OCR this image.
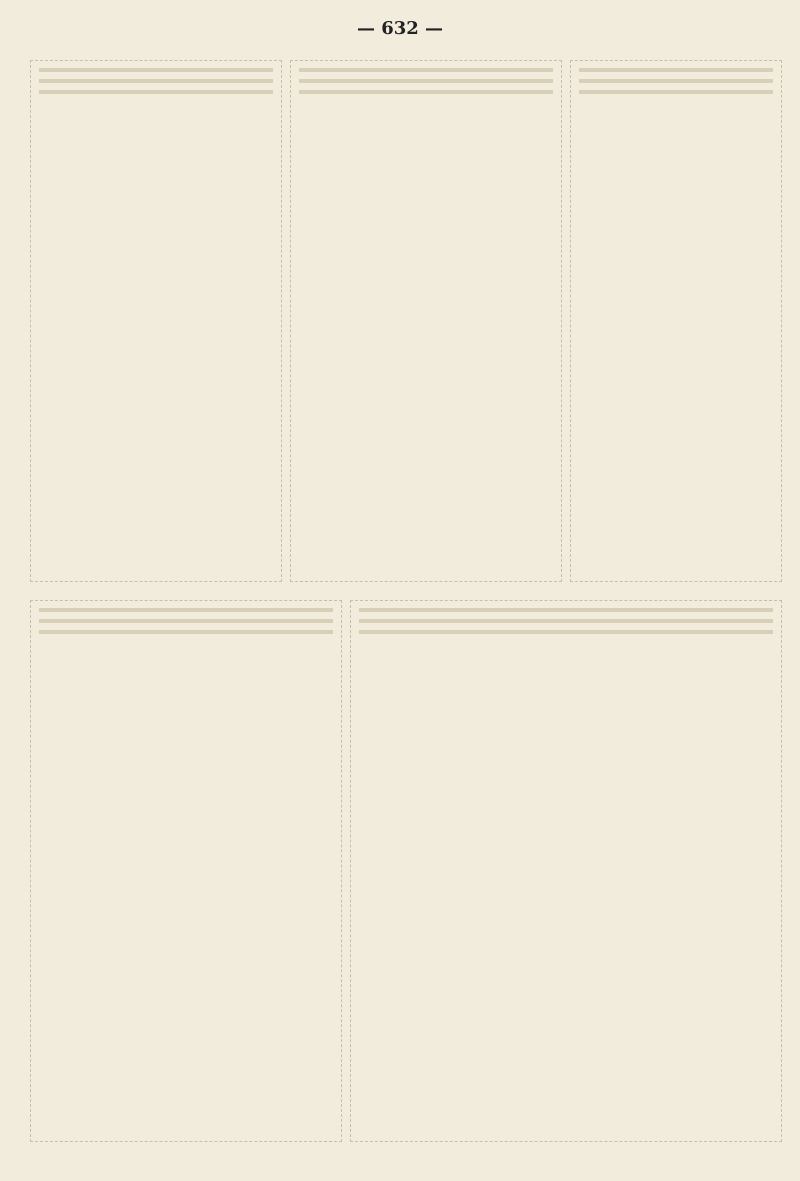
— 632 —
